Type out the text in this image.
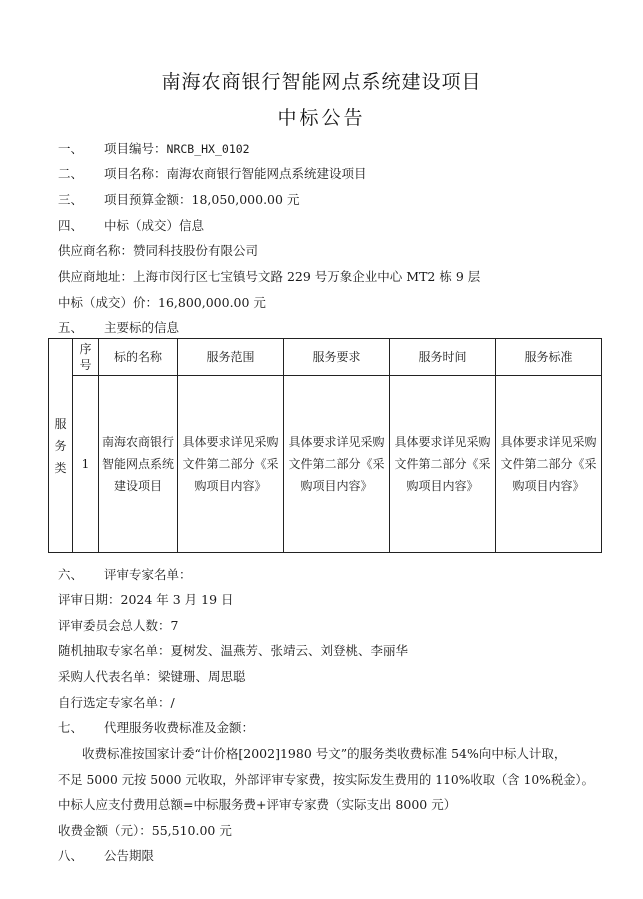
南海农商银行智能网点系统建设项目
中标公告
一、 项目编号：NRCB_HX_0102
二、 项目名称：南海农商银行智能网点系统建设项目
三、 项目预算金额：18,050,000.00 元
四、 中标（成交）信息
供应商名称：赞同科技股份有限公司
供应商地址：上海市闵行区七宝镇号文路 229 号万象企业中心 MT2 栋 9 层
中标（成交）价：16,800,000.00 元
五、 主要标的信息
服务类	序号	标的名称	服务范围	服务要求	服务时间	服务标准
	1	南海农商银行智能网点系统建设项目	具体要求详见采购文件第二部分《采购项目内容》	具体要求详见采购文件第二部分《采购项目内容》	具体要求详见采购文件第二部分《采购项目内容》	具体要求详见采购文件第二部分《采购项目内容》
六、 评审专家名单：
评审日期：2024 年 3 月 19 日
评审委员会总人数：7
随机抽取专家名单：夏树发、温燕芳、张靖云、刘登桃、李丽华
采购人代表名单：梁键珊、周思聪
自行选定专家名单：/
七、 代理服务收费标准及金额：
收费标准按国家计委“计价格[2002]1980 号文”的服务类收费标准 54%向中标人计取，
不足 5000 元按 5000 元收取，外部评审专家费，按实际发生费用的 110%收取（含 10%税金）。
中标人应支付费用总额=中标服务费+评审专家费（实际支出 8000 元）
收费金额（元）：55,510.00 元
八、 公告期限
